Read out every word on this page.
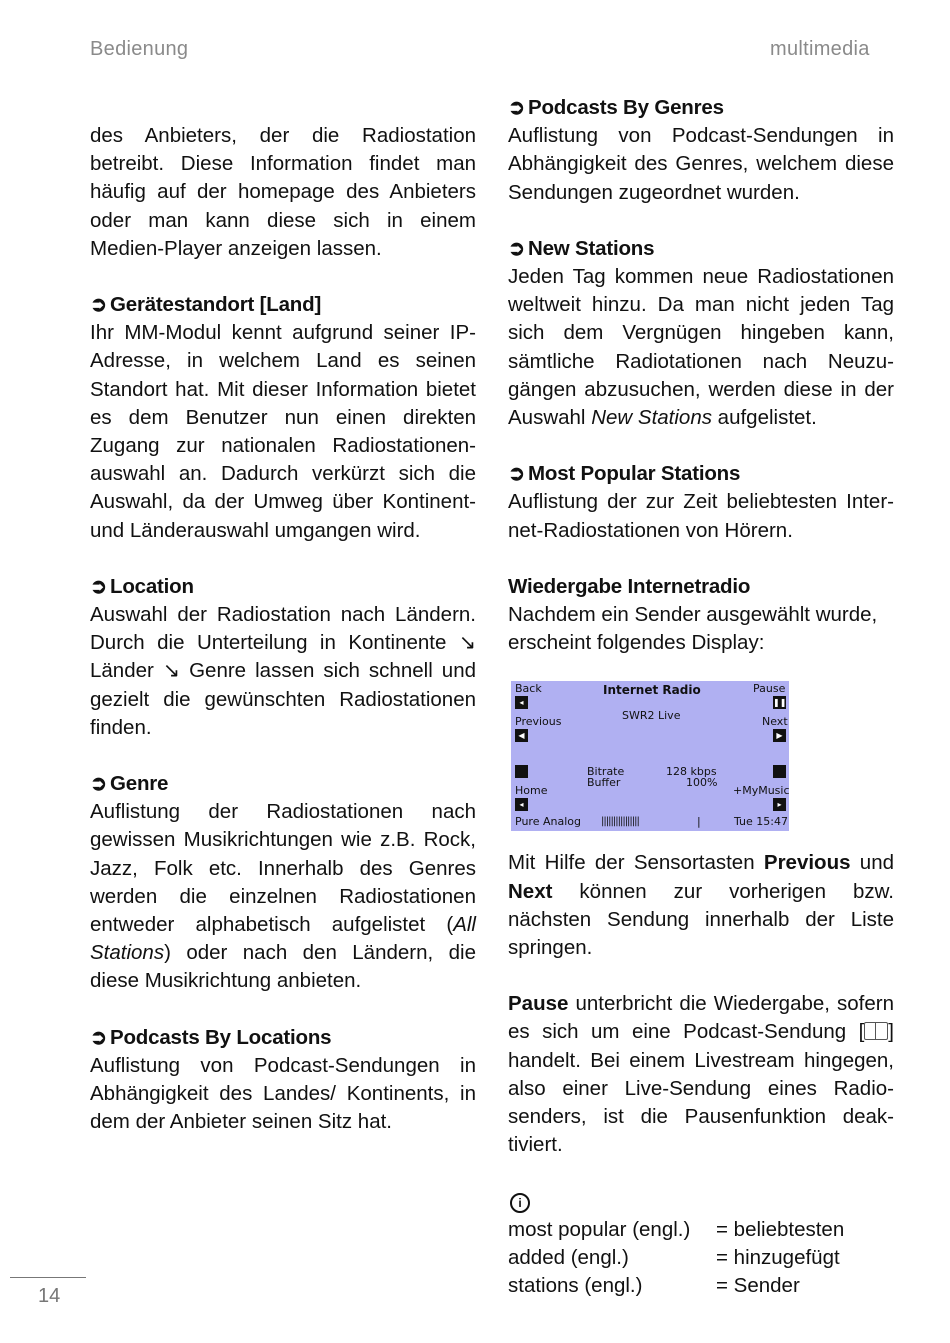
Bedienung	multimedia

des Anbieters, der die Radiostation betreibt. Diese Information findet man häufig auf der homepage des Anbieters oder man kann diese sich in einem Medien-Player anzeigen lassen.

➲ Gerätestandort [Land]

Ihr MM-Modul kennt aufgrund seiner IP-Adresse, in welchem Land es seinen Standort hat. Mit dieser Information bietet es dem Benutzer nun einen direkten Zugang zur nationalen Radiostationen-auswahl an. Dadurch verkürzt sich die Auswahl, da der Umweg über Kontinent- und Länderauswahl umgangen wird.

➲ Location

Auswahl der Radiostation nach Ländern. Durch die Unterteilung in Kontinente ↘ Länder ↘ Genre lassen sich schnell und gezielt die gewünschten Radiostationen finden.

➲ Genre

Auflistung der Radiostationen nach gewissen Musikrichtungen wie z.B. Rock, Jazz, Folk etc. Innerhalb des Genres werden die einzelnen Radiostationen entweder alphabetisch aufgelistet (All Stations) oder nach den Ländern, die diese Musikrichtung anbieten.

➲ Podcasts By Locations

Auflistung von Podcast-Sendungen in Abhängigkeit des Landes/ Kontinents, in dem der Anbieter seinen Sitz hat.

➲ Podcasts By Genres

Auflistung von Podcast-Sendungen in Abhängigkeit des Genres, welchem diese Sendungen zugeordnet wurden.

➲ New Stations

Jeden Tag kommen neue Radiostationen weltweit hinzu. Da man nicht jeden Tag sich dem Vergnügen hingeben kann, sämtliche Radiotationen nach Neuzu-gängen abzusuchen, werden diese in der Auswahl New Stations aufgelistet.

➲ Most Popular Stations

Auflistung der zur Zeit beliebtesten Inter-net-Radiostationen von Hörern.

Wiedergabe Internetradio

Nachdem ein Sender ausgewählt wurde, erscheint folgendes Display:

Back
◂
Internet Radio	Pause
❚❚
Previous
◀
SWR2 Live	Next
▶
Bitrate	128 kbps
Buffer	100%
Home
◂
+MyMusic
▸
Pure Analog ||||||||||||||||	|	Tue 15:47

Mit Hilfe der Sensortasten Previous und Next können zur vorherigen bzw. nächsten Sendung innerhalb der Liste springen.

Pause unterbricht die Wiedergabe, sofern es sich um eine Podcast-Sendung [ ] handelt. Bei einem Livestream hingegen, also einer Live-Sendung eines Radio-senders, ist die Pausenfunktion deak-tiviert.

i
most popular (engl.)	= beliebtesten
added (engl.)	= hinzugefügt
stations (engl.)	= Sender
14
